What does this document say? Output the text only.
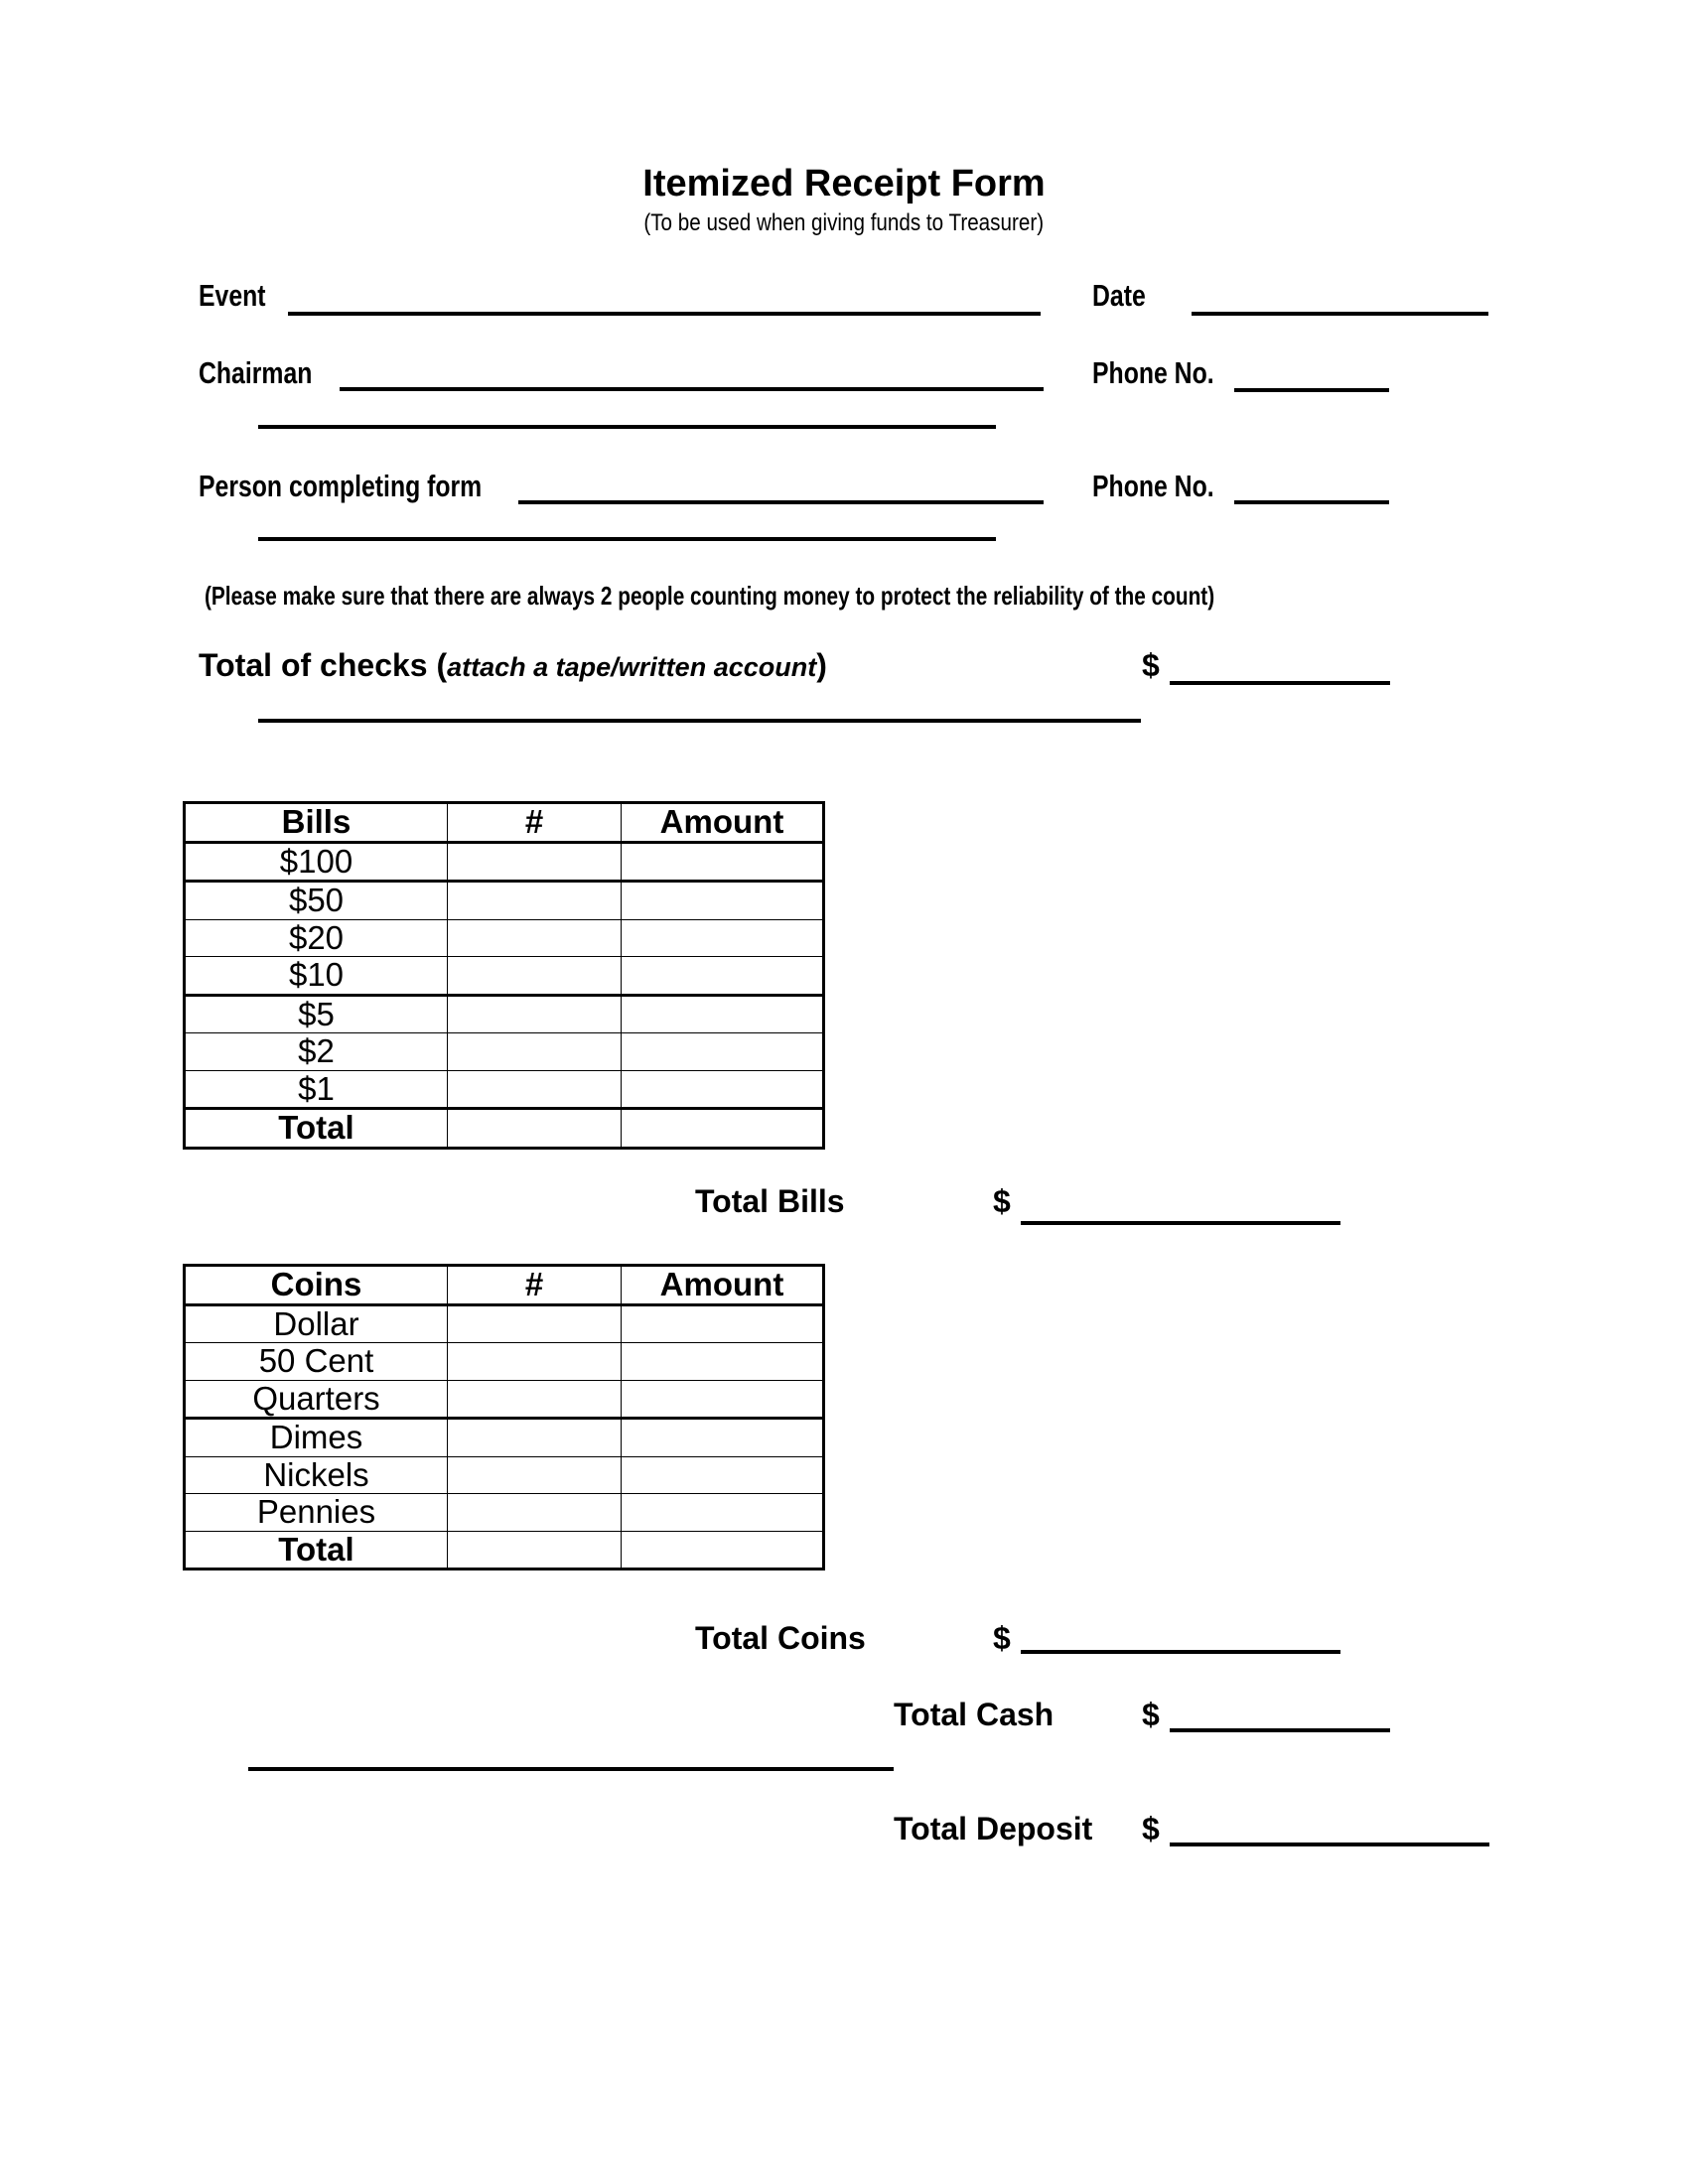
Itemized Receipt Form
(To be used when giving funds to Treasurer)
Event	Date
Chairman	Phone No.
Person completing form	Phone No.
(Please make sure that there are always 2 people counting money to protect the reliability of the count)
Total of checks (attach a tape/written account)	$
Bills	#	Amount
$100		
$50		
$20		
$10		
$5		
$2		
$1		
Total		
Total Bills	$
Coins	#	Amount
Dollar		
50 Cent		
Quarters		
Dimes		
Nickels		
Pennies		
Total		
Total Coins	$
Total Cash	$
Total Deposit $
